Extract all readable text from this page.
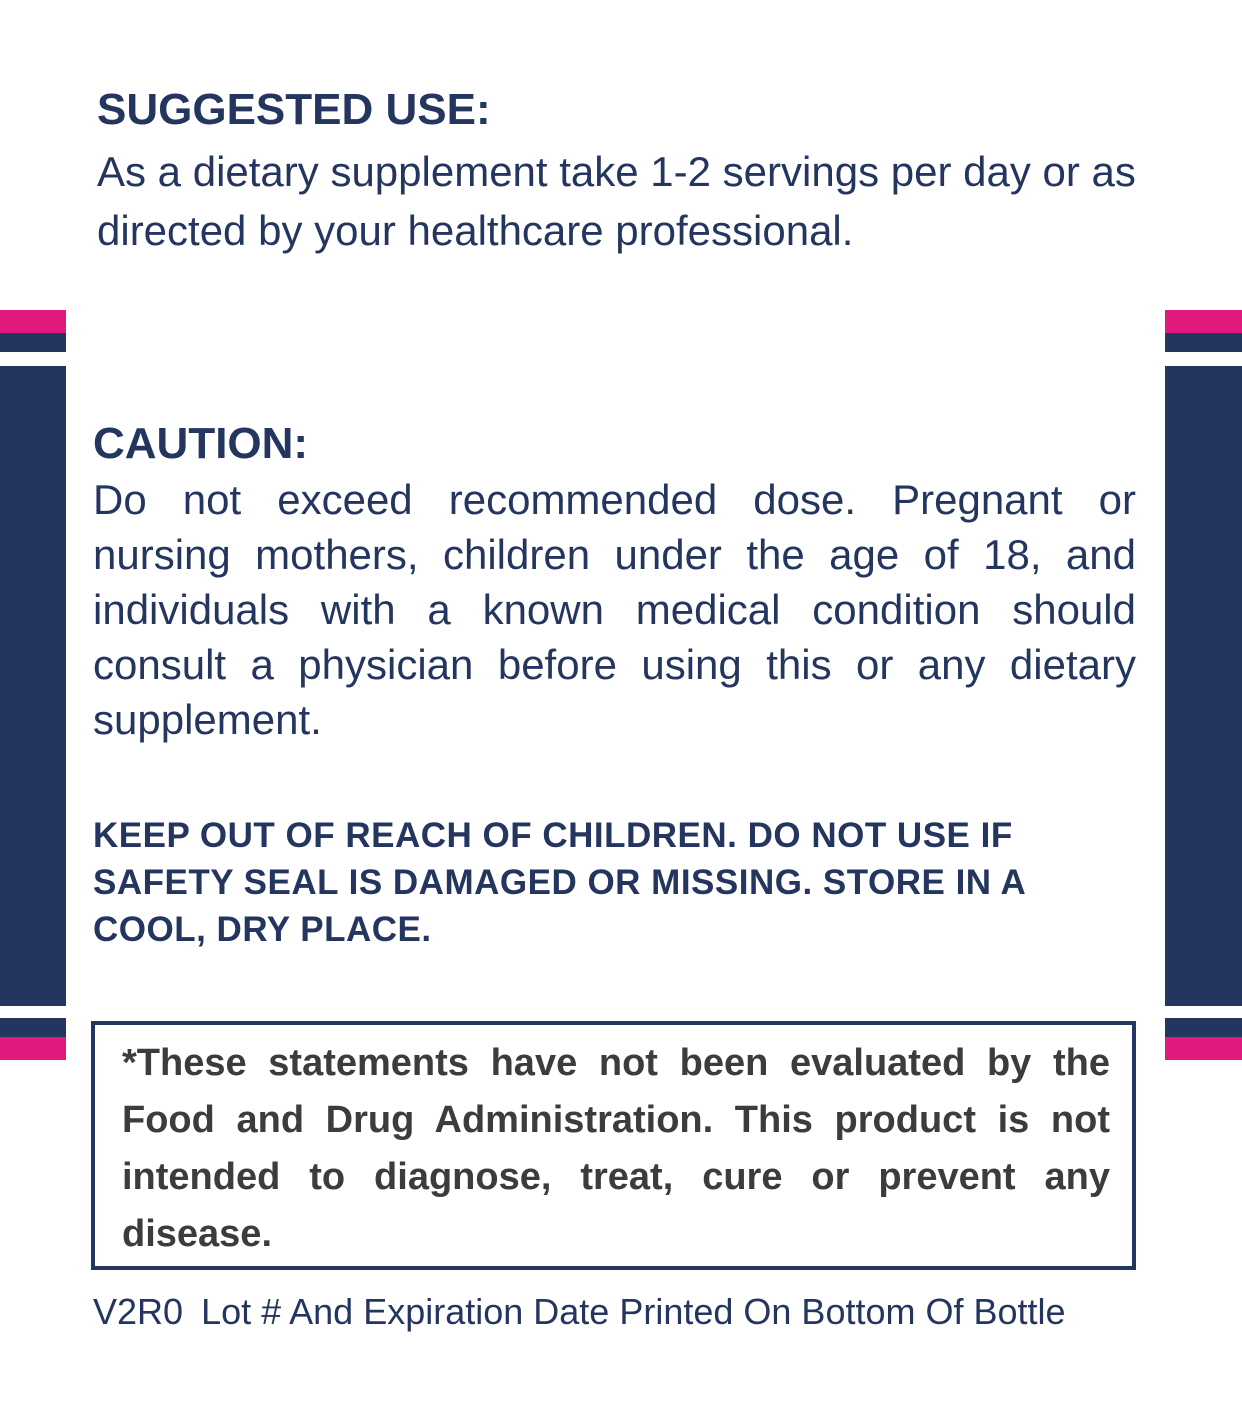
SUGGESTED USE:

As a dietary supplement take 1-2 servings per day or as directed by your healthcare professional.

CAUTION:

Do not exceed recommended dose. Pregnant or nursing mothers, children under the age of 18, and individuals with a known medical condition should consult a physician before using this or any dietary supplement.

KEEP OUT OF REACH OF CHILDREN. DO NOT USE IF SAFETY SEAL IS DAMAGED OR MISSING. STORE IN A COOL, DRY PLACE.

*These statements have not been evaluated by the Food and Drug Administration. This product is not intended to diagnose, treat, cure or prevent any disease.

V2R0 Lot # And Expiration Date Printed On Bottom Of Bottle
